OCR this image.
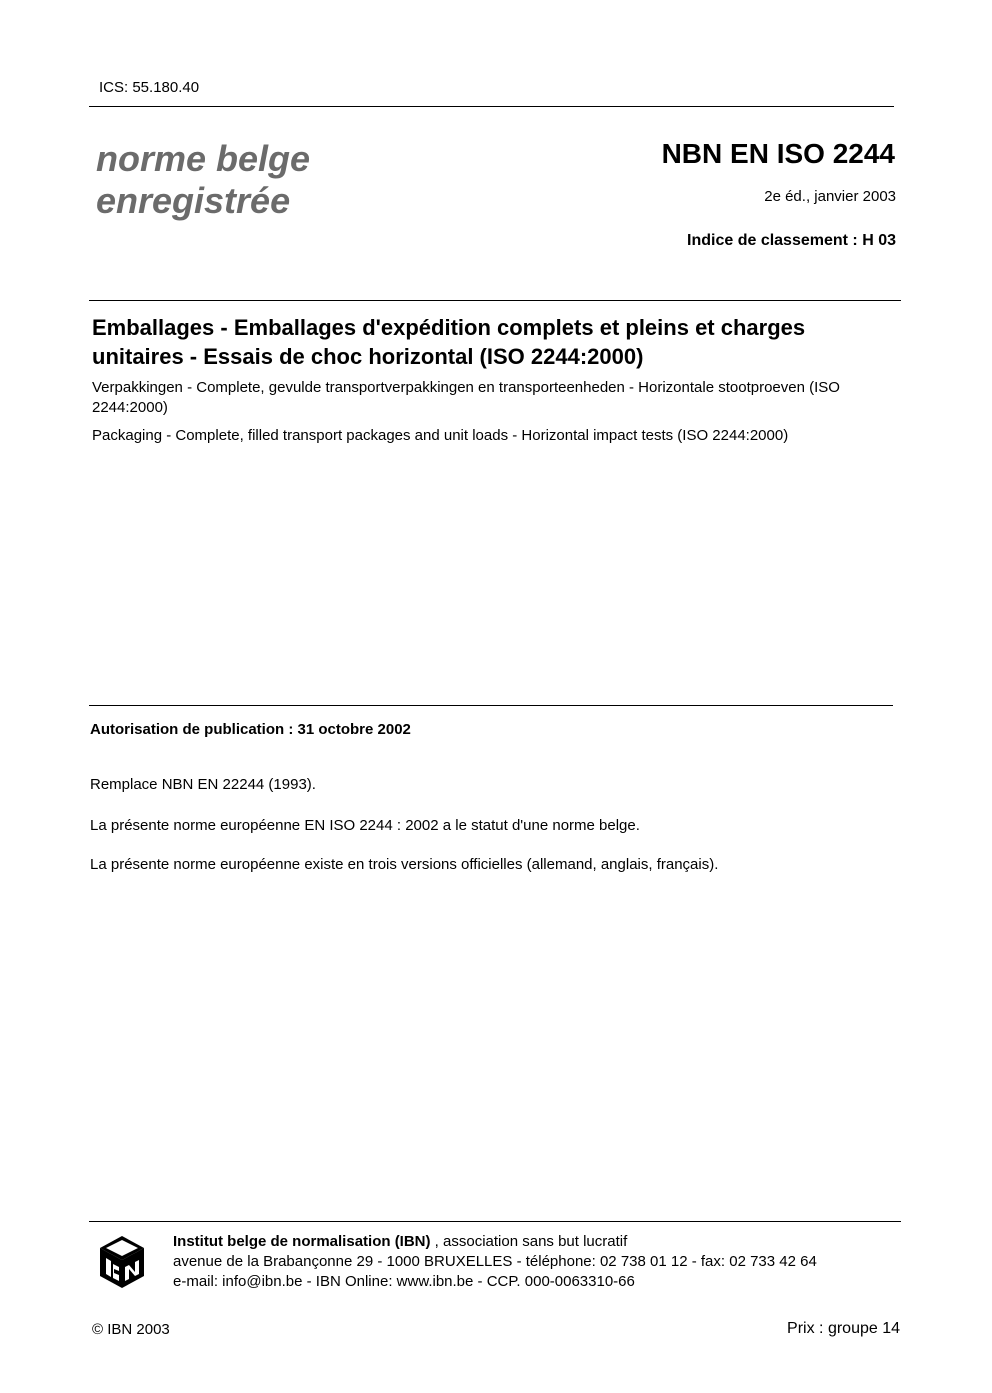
ICS: 55.180.40
norme belge
enregistrée
NBN EN ISO 2244
2e éd., janvier 2003
Indice de classement : H 03
Emballages - Emballages d'expédition complets et pleins et charges unitaires - Essais de choc horizontal (ISO 2244:2000)
Verpakkingen - Complete, gevulde transportverpakkingen en transporteenheden - Horizontale stootproeven (ISO 2244:2000)
Packaging - Complete, filled transport packages and unit loads - Horizontal impact tests (ISO 2244:2000)
Autorisation de publication : 31 octobre 2002
Remplace NBN EN 22244 (1993).
La présente norme européenne EN ISO 2244 : 2002 a le statut d'une norme belge.
La présente norme européenne existe en trois versions officielles (allemand, anglais, français).
Institut belge de normalisation (IBN) , association sans but lucratif
avenue de la Brabançonne 29 - 1000 BRUXELLES - téléphone: 02 738 01 12 - fax: 02 733 42 64
e-mail: info@ibn.be - IBN Online: www.ibn.be - CCP. 000-0063310-66
© IBN 2003	Prix : groupe 14
